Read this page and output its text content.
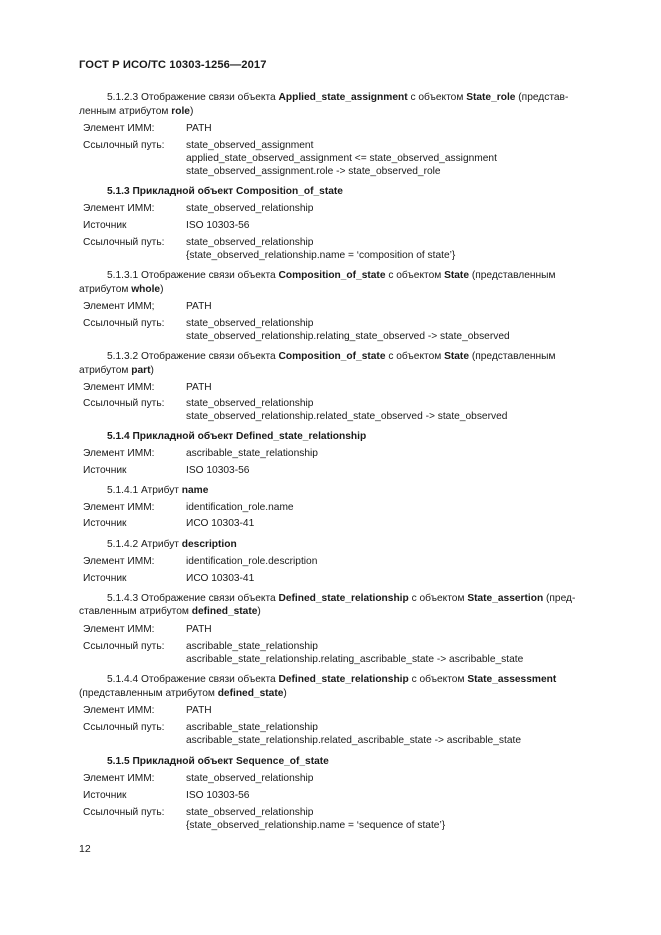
ГОСТ Р ИСО/ТС 10303-1256—2017
5.1.2.3 Отображение связи объекта Applied_state_assignment с объектом State_role (представ-
ленным атрибутом role)
Элемент ИММ:	PATH
Ссылочный путь: state_observed_assignment
applied_state_observed_assignment <= state_observed_assignment
state_observed_assignment.role -> state_observed_role
5.1.3 Прикладной объект Composition_of_state
Элемент ИММ:	state_observed_relationship
Источник	ISO 10303-56
Ссылочный путь: state_observed_relationship
{state_observed_relationship.name = ‘composition of state’}
5.1.3.1 Отображение связи объекта Composition_of_state с объектом State (представленным
атрибутом whole)
Элемент ИММ;	PATH
Ссылочный путь: state_observed_relationship
state_observed_relationship.relating_state_observed -> state_observed
5.1.3.2 Отображение связи объекта Composition_of_state с объектом State (представленным
атрибутом part)
Элемент ИММ:	PATH
Ссылочный путь: state_observed_relationship
state_observed_relationship.related_state_observed -> state_observed
5.1.4 Прикладной объект Defined_state_relationship
Элемент ИММ:	ascribable_state_relationship
Источник	ISO 10303-56
5.1.4.1 Атрибут name
Элемент ИММ:	identification_role.name
Источник	ИСО 10303-41
5.1.4.2 Атрибут description
Элемент ИММ:	identification_role.description
Источник	ИСО 10303-41
5.1.4.3 Отображение связи объекта Defined_state_relationship с объектом State_assertion (пред-
ставленным атрибутом defined_state)
Элемент ИММ:	PATH
Ссылочный путь: ascribable_state_relationship
ascribable_state_relationship.relating_ascribable_state -> ascribable_state
5.1.4.4 Отображение связи объекта Defined_state_relationship с объектом State_assessment
(представленным атрибутом defined_state)
Элемент ИММ:	PATH
Ссылочный путь: ascribable_state_relationship
ascribable_state_relationship.related_ascribable_state -> ascribable_state
5.1.5 Прикладной объект Sequence_of_state
Элемент ИММ:	state_observed_relationship
Источник	ISO 10303-56
Ссылочный путь: state_observed_relationship
{state_observed_relationship.name = ‘sequence of state’}
12
